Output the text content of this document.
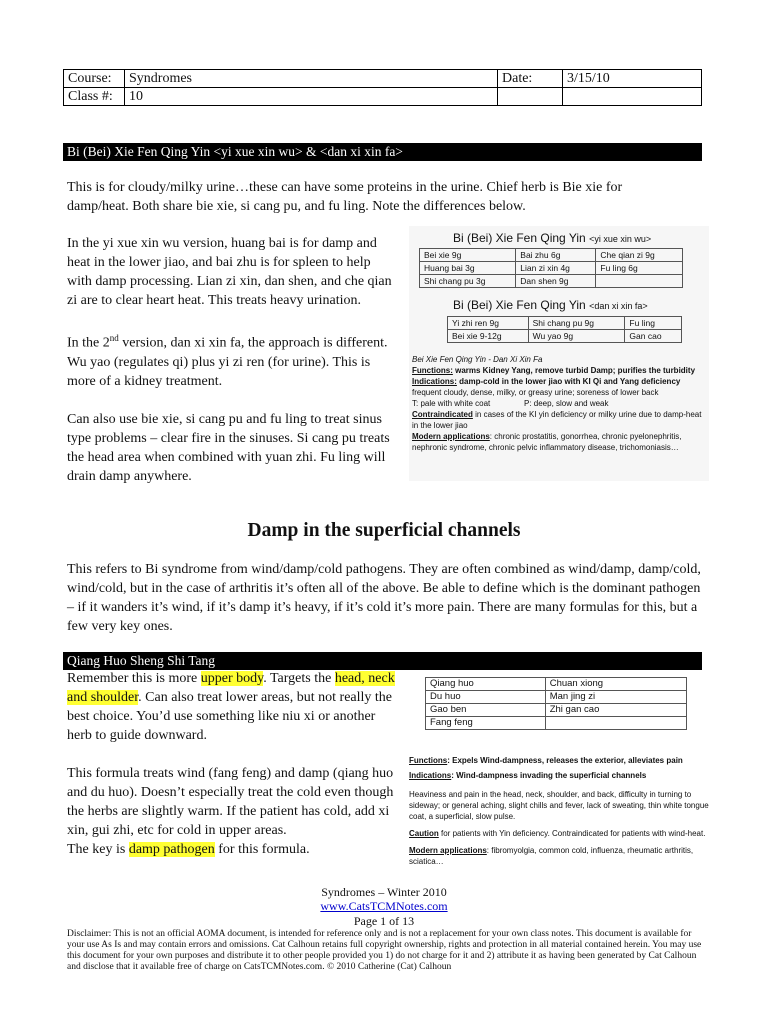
Course:	Syndromes	Date:	3/15/10
Class #:	10		
Bi (Bei) Xie Fen Qing Yin <yi xue xin wu> & <dan xi xin fa>
This is for cloudy/milky urine…these can have some proteins in the urine. Chief herb is Bie xie for damp/heat. Both share bie xie, si cang pu, and fu ling. Note the differences below.

In the yi xue xin wu version, huang bai is for damp and heat in the lower jiao, and bai zhu is for spleen to help with damp processing. Lian zi xin, dan shen, and che qian zi are to clear heart heat. This treats heavy urination.

In the 2nd version, dan xi xin fa, the approach is different. Wu yao (regulates qi) plus yi zi ren (for urine). This is more of a kidney treatment.

Can also use bie xie, si cang pu and fu ling to treat sinus type problems – clear fire in the sinuses. Si cang pu treats the head area when combined with yuan zhi. Fu ling will drain damp anywhere.

Bi (Bei) Xie Fen Qing Yin <yi xue xin wu>
Bei xie 9g	Bai zhu 6g	Che qian zi 9g
Huang bai 3g	Lian zi xin 4g	Fu ling 6g
Shi chang pu 3g	Dan shen 9g	
Bi (Bei) Xie Fen Qing Yin <dan xi xin fa>
Yi zhi ren 9g	Shi chang pu 9g	Fu ling
Bei xie 9-12g	Wu yao 9g	Gan cao
Bei Xie Fen Qing Yin - Dan Xi Xin Fa
Functions: warms Kidney Yang, remove turbid Damp; purifies the turbidity
Indications: damp-cold in the lower jiao with KI Qi and Yang deficiency
frequent cloudy, dense, milky, or greasy urine; soreness of lower back
T: pale with white coat	P: deep, slow and weak
Contraindicated in cases of the KI yin deficiency or milky urine due to damp-heat in the lower jiao
Modern applications: chronic prostatitis, gonorrhea, chronic pyelonephritis, nephronic syndrome, chronic pelvic inflammatory disease, trichomoniasis…
Damp in the superficial channels
This refers to Bi syndrome from wind/damp/cold pathogens. They are often combined as wind/damp, damp/cold, wind/cold, but in the case of arthritis it’s often all of the above. Be able to define which is the dominant pathogen – if it wanders it’s wind, if it’s damp it’s heavy, if it’s cold it’s more pain. There are many formulas for this, but a few very key ones.
Qiang Huo Sheng Shi Tang

Remember this is more upper body. Targets the head, neck and shoulder. Can also treat lower areas, but not really the best choice. You’d use something like niu xi or another herb to guide downward.

This formula treats wind (fang feng) and damp (qiang huo and du huo). Doesn’t especially treat the cold even though the herbs are slightly warm. If the patient has cold, add xi xin, gui zhi, etc for cold in upper areas.

The key is damp pathogen for this formula.

Qiang huo	Chuan xiong
Du huo	Man jing zi
Gao ben	Zhi gan cao
Fang feng	
Functions: Expels Wind-dampness, releases the exterior, alleviates pain
Indications: Wind-dampness invading the superficial channels
Heaviness and pain in the head, neck, shoulder, and back, difficulty in turning to sideway; or general aching, slight chills and fever, lack of sweating, thin white tongue coat, a superficial, slow pulse.
Caution for patients with Yin deficiency. Contraindicated for patients with wind-heat.
Modern applications: fibromyolgia, common cold, influenza, rheumatic arthritis, sciatica…
Syndromes – Winter 2010
www.CatsTCMNotes.com
Page 1 of 13
Disclaimer: This is not an official AOMA document, is intended for reference only and is not a replacement for your own class notes. This document is available for your use As Is and may contain errors and omissions. Cat Calhoun retains full copyright ownership, rights and protection in all material contained herein. You may use this document for your own purposes and distribute it to other people provided you 1) do not charge for it and 2) attribute it as having been generated by Cat Calhoun and disclose that it available free of charge on CatsTCMNotes.com. © 2010 Catherine (Cat) Calhoun
